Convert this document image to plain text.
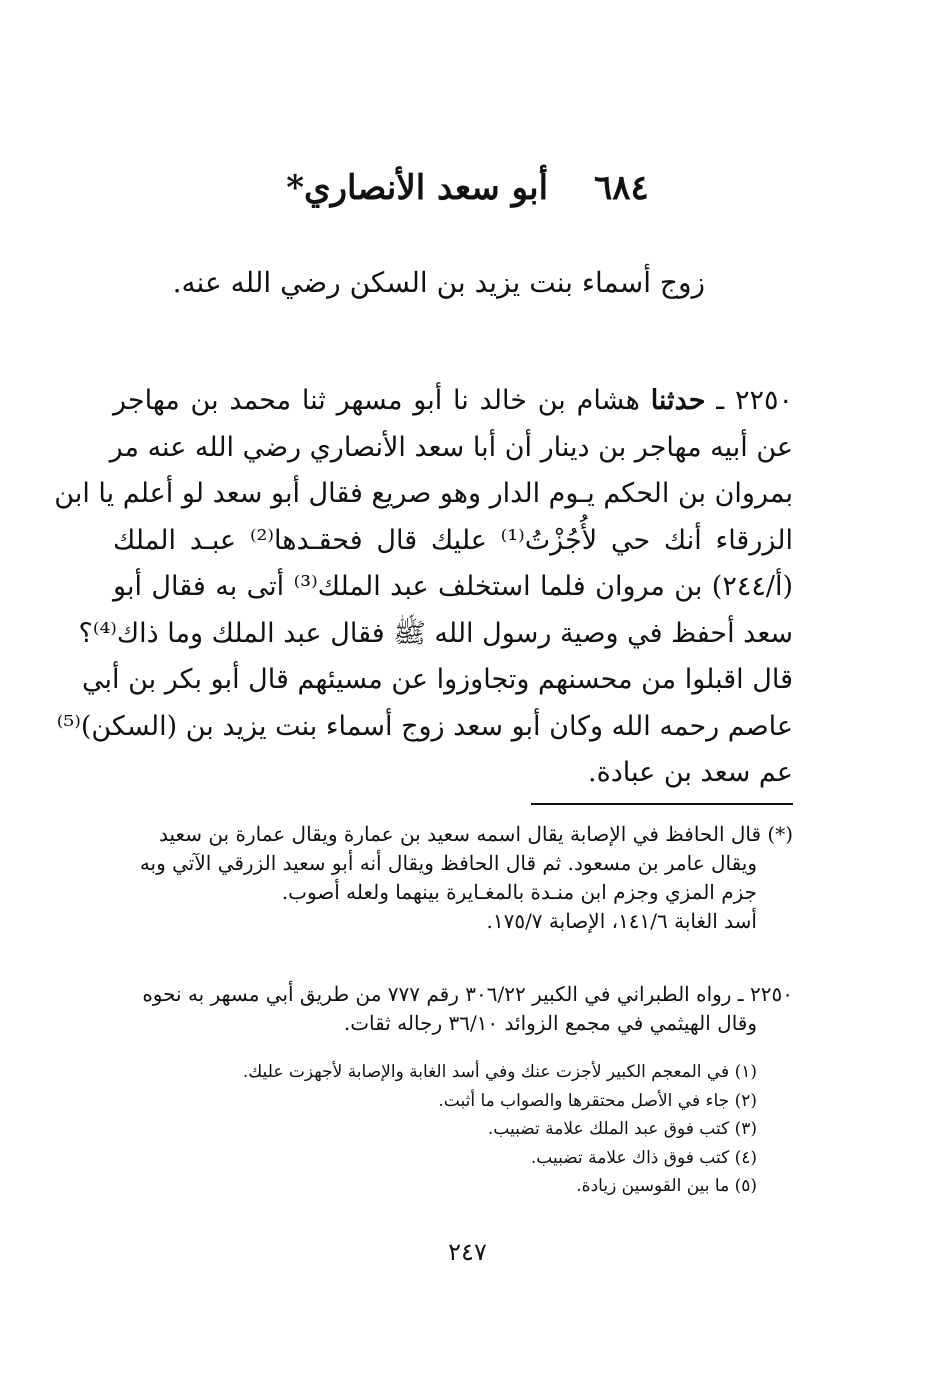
٦٨٤ أبو سعد الأنصاري*
زوج أسماء بنت يزيد بن السكن رضي الله عنه.
٢٢٥٠ ـ حدثنا هشام بن خالد نا أبو مسهر ثنا محمد بن مهاجر
عن أبيه مهاجر بن دينار أن أبا سعد الأنصاري رضي الله عنه مر
بمروان بن الحكم يـوم الدار وهو صريع فقال أبو سعد لو أعلم يا ابن
الزرقاء أنك حي لأُجُزْتُ⁽¹⁾ عليك قال فحقـدها⁽²⁾ عبـد الملك
(أ/٢٤٤) بن مروان فلما استخلف عبد الملك⁽³⁾ أتى به فقال أبو
سعد أحفظ في وصية رسول الله ﷺ فقال عبد الملك وما ذاك⁽⁴⁾؟
قال اقبلوا من محسنهم وتجاوزوا عن مسيئهم قال أبو بكر بن أبي
عاصم رحمه الله وكان أبو سعد زوج أسماء بنت يزيد بن (السكن)⁽⁵⁾
عم سعد بن عبادة.
(*) قال الحافظ في الإصابة يقال اسمه سعيد بن عمارة ويقال عمارة بن سعيد
ويقال عامر بن مسعود. ثم قال الحافظ ويقال أنه أبو سعيد الزرقي الآتي وبه
جزم المزي وجزم ابن منـدة بالمغـايرة بينهما ولعله أصوب.
أسد الغابة ١٤١/٦، الإصابة ١٧٥/٧.
٢٢٥٠ ـ رواه الطبراني في الكبير ٣٠٦/٢٢ رقم ٧٧٧ من طريق أبي مسهر به نحوه
وقال الهيثمي في مجمع الزوائد ٣٦/١٠ رجاله ثقات.
(١) في المعجم الكبير لأجزت عنك وفي أسد الغابة والإصابة لأجهزت عليك.
(٢) جاء في الأصل محتقرها والصواب ما أثبت.
(٣) كتب فوق عبد الملك علامة تضبيب.
(٤) كتب فوق ذاك علامة تضبيب.
(٥) ما بين القوسين زيادة.
٢٤٧
